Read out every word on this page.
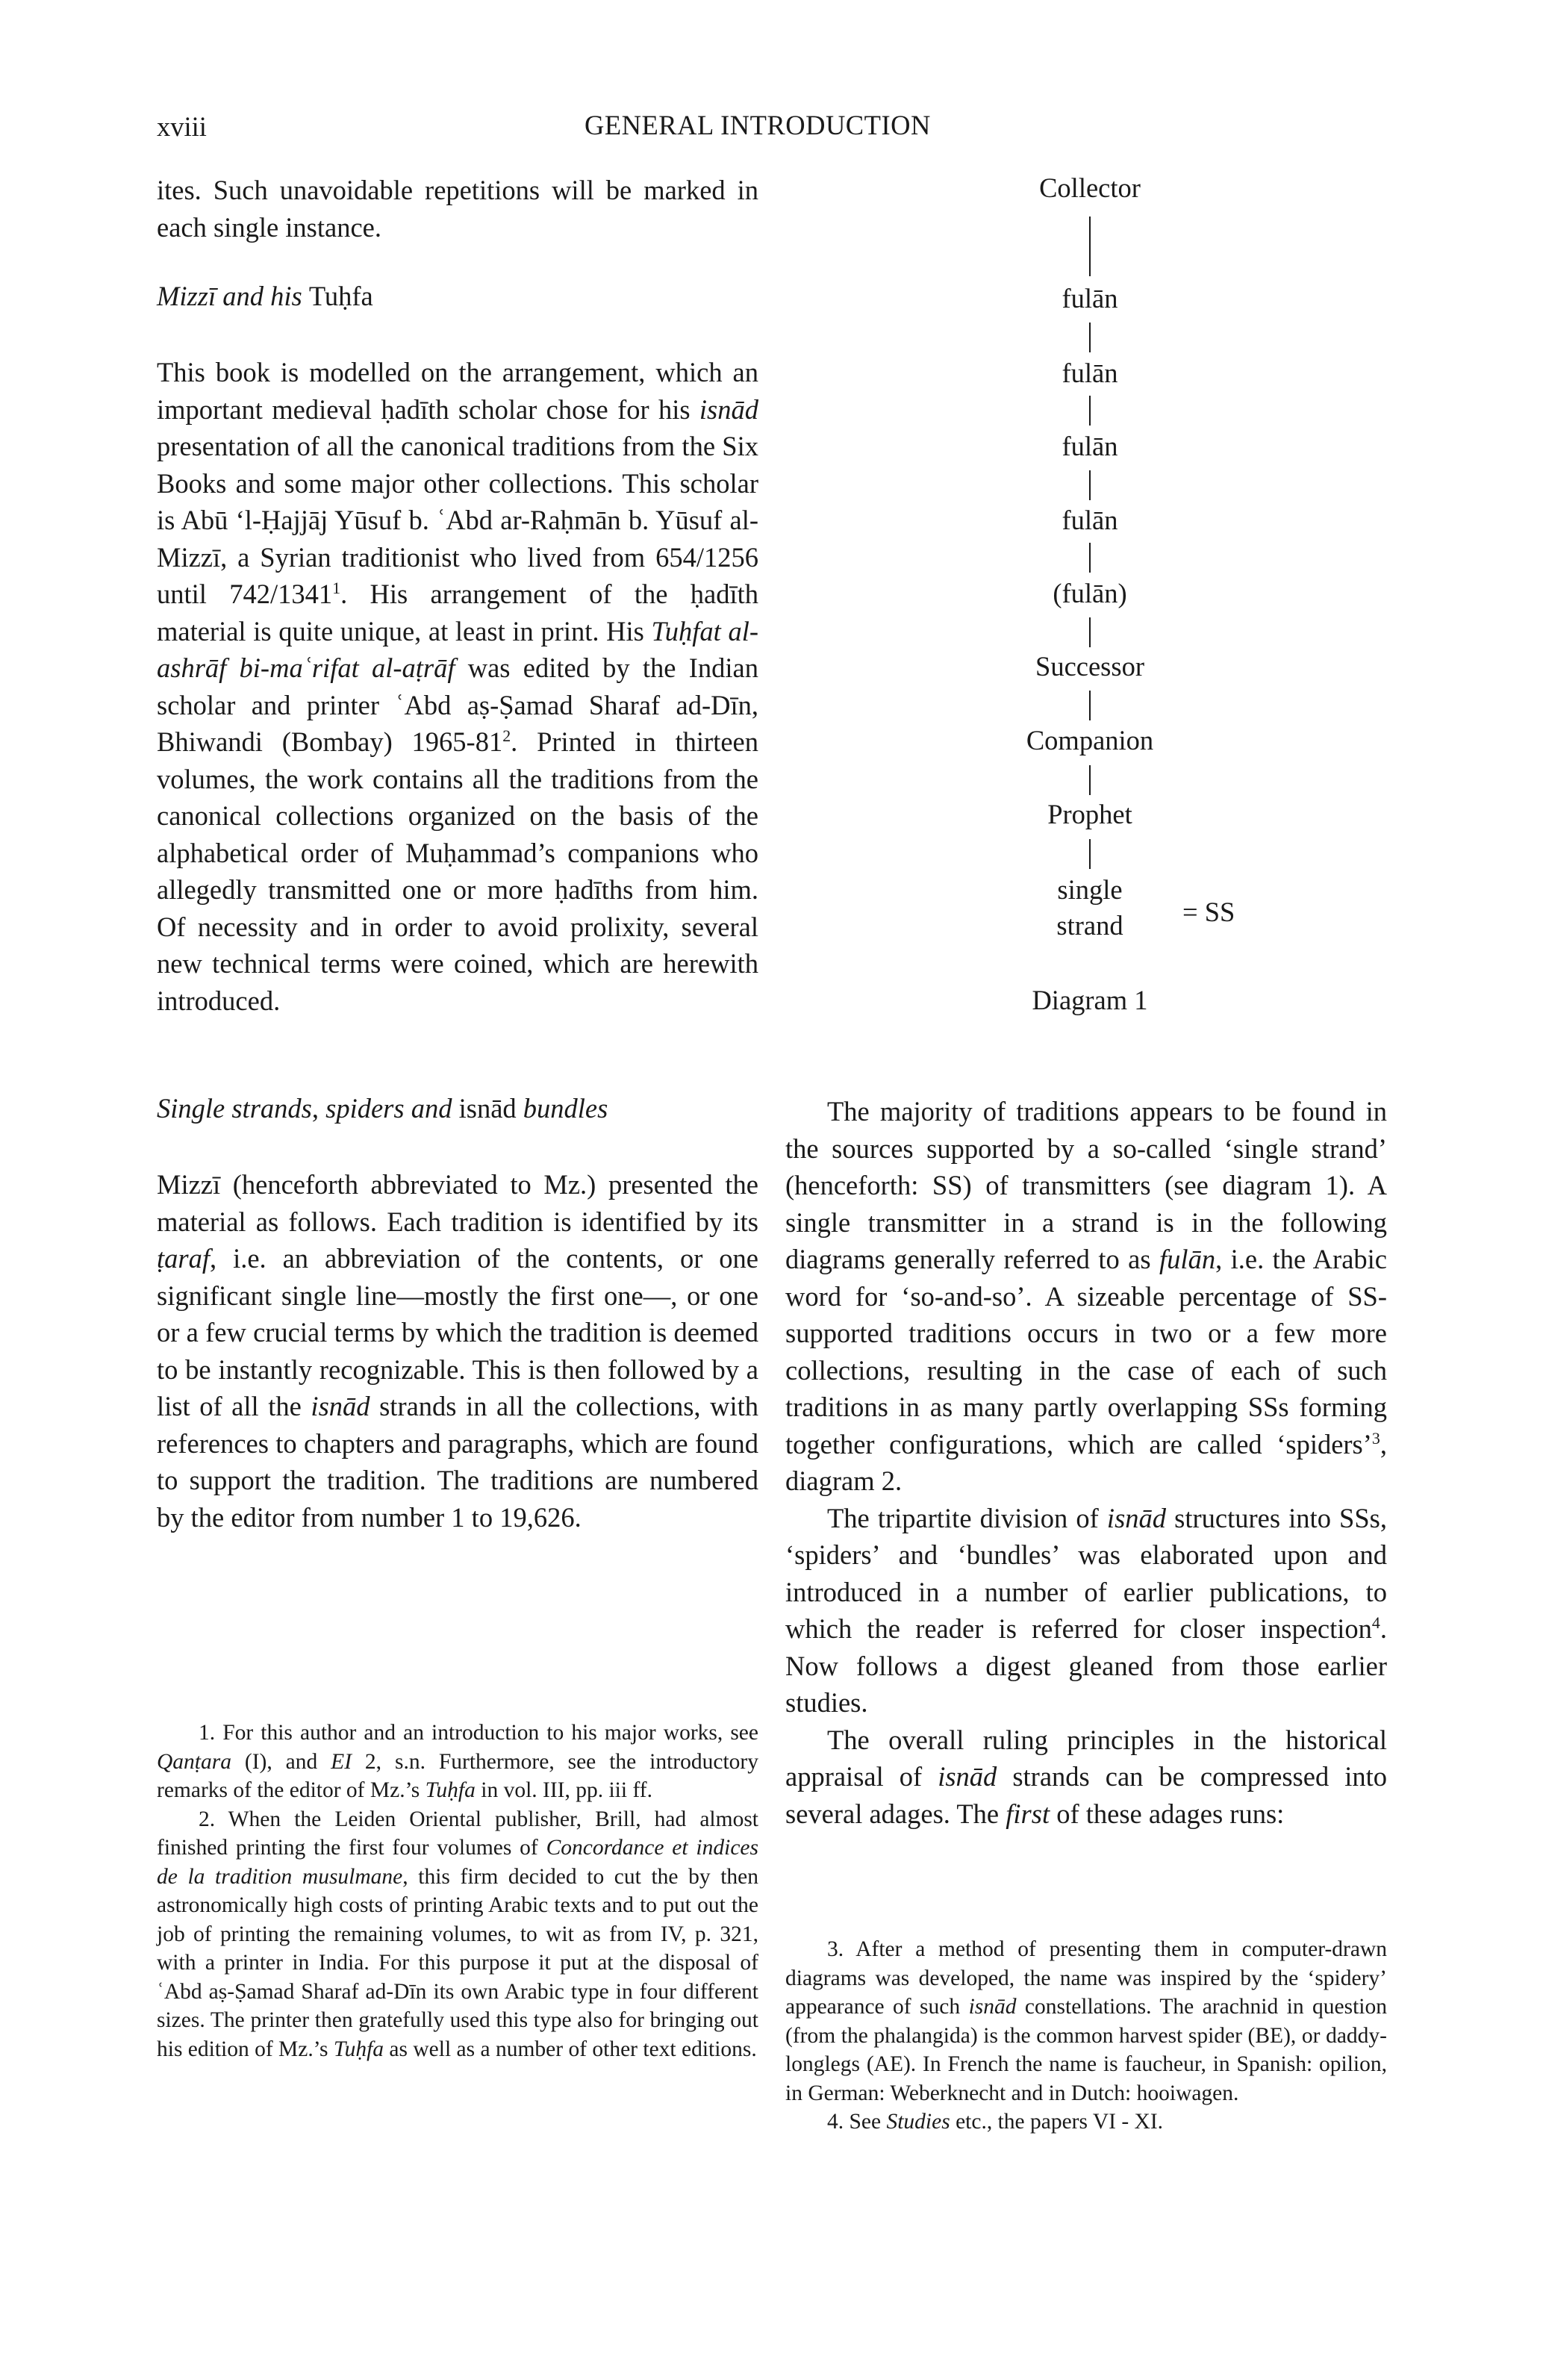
xviii	GENERAL INTRODUCTION

ites. Such unavoidable repetitions will be marked in each single instance.

Mizzī and his Tuḥfa

This book is modelled on the arrangement, which an important medieval ḥadīth scholar chose for his isnād presentation of all the canonical traditions from the Six Books and some major other collections. This scholar is Abū ‘l-Ḥajjāj Yūsuf b. ʿAbd ar-Raḥmān b. Yūsuf al-Mizzī, a Syrian traditionist who lived from 654/1256 until 742/1341$^1$. His arrangement of the ḥadīth material is quite unique, at least in print. His Tuḥfat al-ashrāf bi-maʿrifat al-aṭrāf was edited by the Indian scholar and printer ʿAbd aṣ-Ṣamad Sharaf ad-Dīn, Bhiwandi (Bombay) $1965-81^2$. Printed in thirteen volumes, the work contains all the traditions from the canonical collections organized on the basis of the alphabetical order of Muḥammad’s companions who allegedly transmitted one or more ḥadīths from him. Of necessity and in order to avoid prolixity, several new technical terms were coined, which are herewith introduced.

Single strands, spiders and isnād bundles

Mizzī (henceforth abbreviated to Mz.) presented the material as follows. Each tradition is identified by its ṭaraf, i.e. an abbreviation of the contents, or one significant single line—mostly the first one—, or one or a few crucial terms by which the tradition is deemed to be instantly recognizable. This is then followed by a list of all the isnād strands in all the collections, with references to chapters and paragraphs, which are found to support the tradition. The traditions are numbered by the editor from number 1 to 19,626.

1. For this author and an introduction to his major works, see Qanṭara (I), and EI 2, s.n. Furthermore, see the introductory remarks of the editor of Mz.’s Tuḥfa in vol. III, pp. iii ff.

2. When the Leiden Oriental publisher, Brill, had almost finished printing the first four volumes of Concordance et indices de la tradition musulmane, this firm decided to cut the by then astronomically high costs of printing Arabic texts and to put out the job of printing the remaining volumes, to wit as from IV, p. 321, with a printer in India. For this purpose it put at the disposal of ʿAbd aṣ-Ṣamad Sharaf ad-Dīn its own Arabic type in four different sizes. The printer then gratefully used this type also for bringing out his edition of Mz.’s Tuḥfa as well as a number of other text editions.

Collector
fulān
fulān
fulān
fulān
(fulān)
Successor
Companion
Prophet
single
strand	= SS
Diagram 1

The majority of traditions appears to be found in the sources supported by a so-called ‘single strand’ (henceforth: SS) of transmitters (see diagram 1). A single transmitter in a strand is in the following diagrams generally referred to as fulān, i.e. the Arabic word for ‘so-and-so’. A sizeable percentage of SS-supported traditions occurs in two or a few more collections, resulting in the case of each of such traditions in as many partly overlapping SSs forming together configurations, which are called ‘spiders’$^3$, diagram 2.

The tripartite division of isnād structures into SSs, ‘spiders’ and ‘bundles’ was elaborated upon and introduced in a number of earlier publications, to which the reader is referred for closer inspection$^4$. Now follows a digest gleaned from those earlier studies.

The overall ruling principles in the historical appraisal of isnād strands can be compressed into several adages. The first of these adages runs:

3. After a method of presenting them in computer-drawn diagrams was developed, the name was inspired by the ‘spidery’ appearance of such isnād constellations. The arachnid in question (from the phalangida) is the common harvest spider (BE), or daddy-longlegs (AE). In French the name is faucheur, in Spanish: opilion, in German: Weberknecht and in Dutch: hooiwagen.

4. See Studies etc., the papers VI - XI.
